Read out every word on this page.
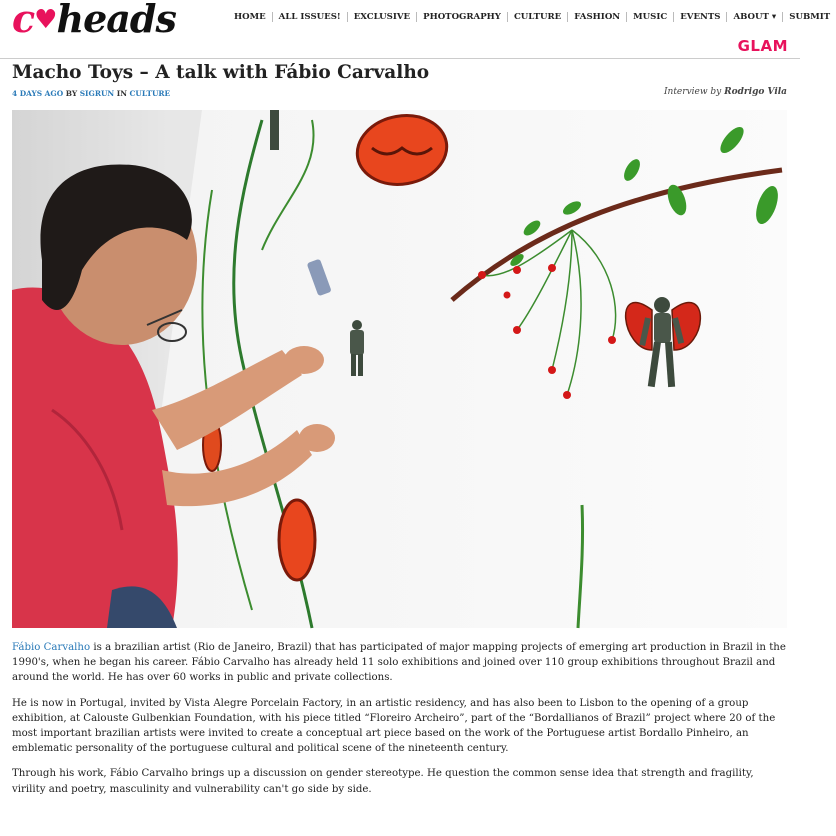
c♥heads	HOME	ALL ISSUES!	EXCLUSIVE	PHOTOGRAPHY	CULTURE	FASHION	MUSIC	EVENTS	ABOUT ▾	SUBMIT
GLAM
Macho Toys – A talk with Fábio Carvalho
4 DAYS AGO BY SIGRUN IN CULTURE	Interview by Rodrigo Vila

Fábio Carvalho is a brazilian artist (Rio de Janeiro, Brazil) that has participated of major mapping projects of emerging art production in Brazil in the 1990's, when he began his career. Fábio Carvalho has already held 11 solo exhibitions and joined over 110 group exhibitions throughout Brazil and around the world. He has over 60 works in public and private collections.

He is now in Portugal, invited by Vista Alegre Porcelain Factory, in an artistic residency, and has also been to Lisbon to the opening of a group exhibition, at Calouste Gulbenkian Foundation, with his piece titled “Floreiro Archeiro”, part of the “Bordallianos of Brazil” project where 20 of the most important brazilian artists were invited to create a conceptual art piece based on the work of the Portuguese artist Bordallo Pinheiro, an emblematic personality of the portuguese cultural and political scene of the nineteenth century.

Through his work, Fábio Carvalho brings up a discussion on gender stereotype. He question the common sense idea that strength and fragility, virility and poetry, masculinity and vulnerability can't go side by side.
